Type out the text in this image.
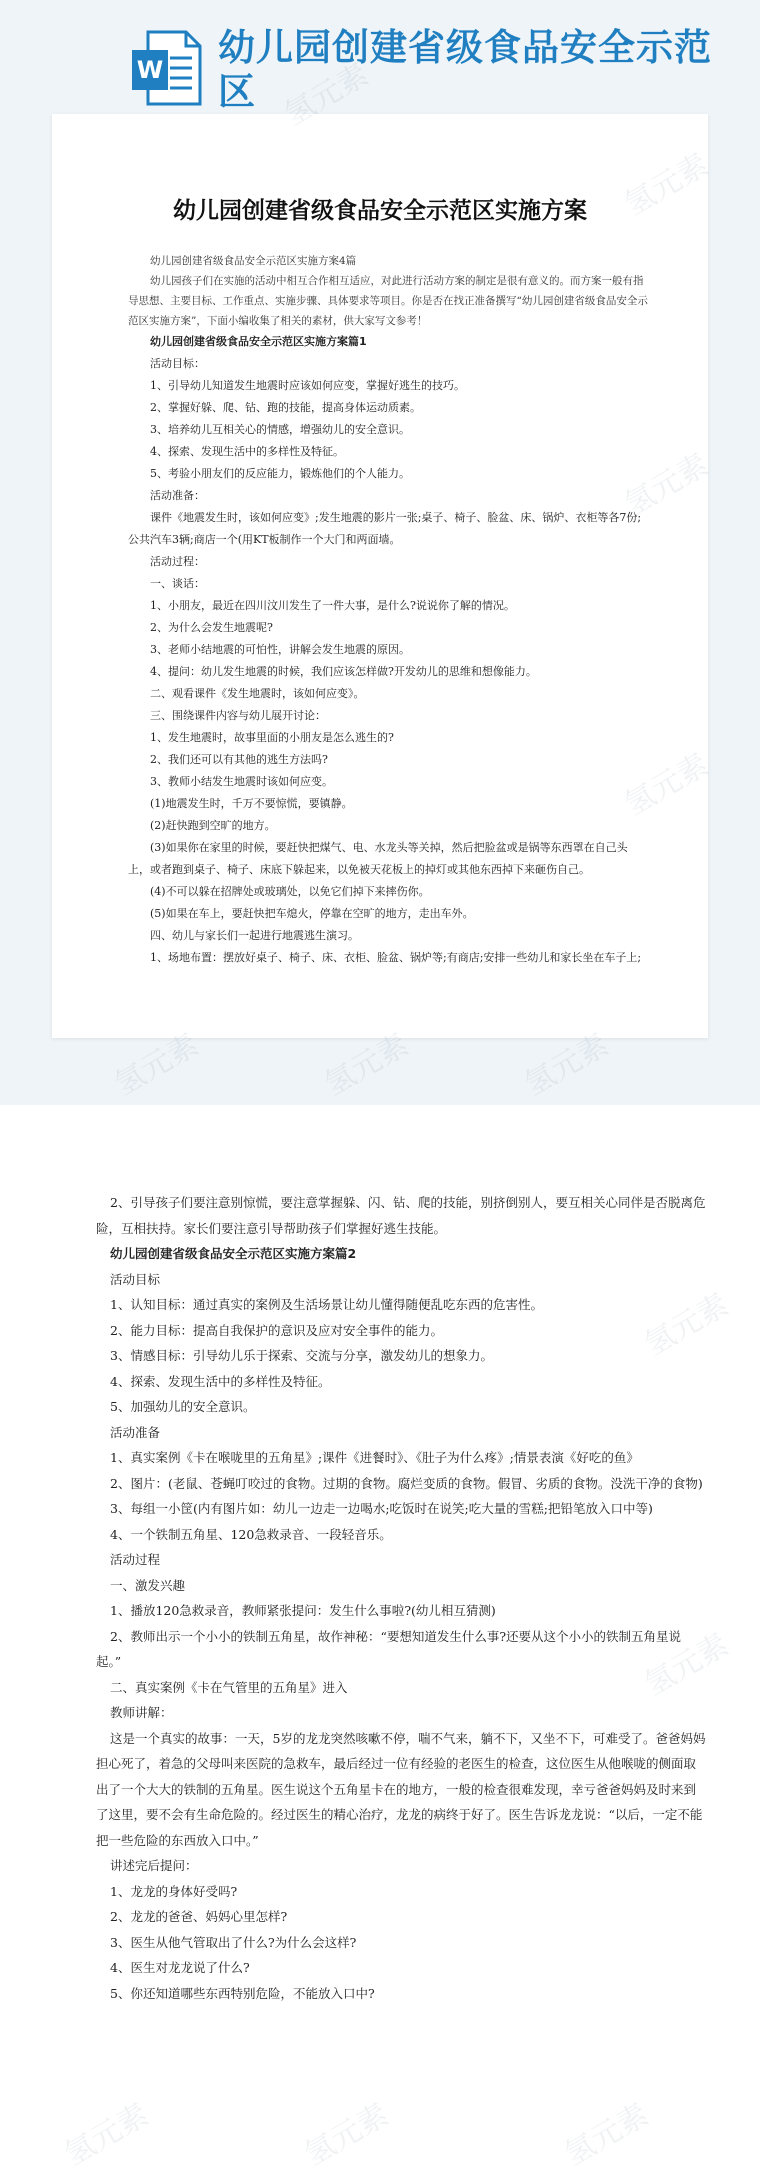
W
幼儿园创建省级食品安全示范区
幼儿园创建省级食品安全示范区实施方案

幼儿园创建省级食品安全示范区实施方案4篇

幼儿园孩子们在实施的活动中相互合作相互适应，对此进行活动方案的制定是很有意义的。而方案一般有指导思想、主要目标、工作重点、实施步骤、具体要求等项目。你是否在找正准备撰写“幼儿园创建省级食品安全示范区实施方案”，下面小编收集了相关的素材，供大家写文参考！

幼儿园创建省级食品安全示范区实施方案篇1

活动目标：

1、引导幼儿知道发生地震时应该如何应变，掌握好逃生的技巧。

2、掌握好躲、爬、钻、跑的技能，提高身体运动质素。

3、培养幼儿互相关心的情感，增强幼儿的安全意识。

4、探索、发现生活中的多样性及特征。

5、考验小朋友们的反应能力，锻炼他们的个人能力。

活动准备：

课件《地震发生时，该如何应变》;发生地震的影片一张;桌子、椅子、脸盆、床、锅炉、衣柜等各7份;公共汽车3辆;商店一个(用KT板制作一个大门和两面墙。

活动过程：

一、谈话：

1、小朋友，最近在四川汶川发生了一件大事，是什么?说说你了解的情况。

2、为什么会发生地震呢?

3、老师小结地震的可怕性，讲解会发生地震的原因。

4、提问：幼儿发生地震的时候，我们应该怎样做?开发幼儿的思维和想像能力。

二、观看课件《发生地震时，该如何应变》。

三、围绕课件内容与幼儿展开讨论：

1、发生地震时，故事里面的小朋友是怎么逃生的?

2、我们还可以有其他的逃生方法吗?

3、教师小结发生地震时该如何应变。

(1)地震发生时，千万不要惊慌，要镇静。

(2)赶快跑到空旷的地方。

(3)如果你在家里的时候，要赶快把煤气、电、水龙头等关掉，然后把脸盆或是锅等东西罩在自己头上，或者跑到桌子、椅子、床底下躲起来，以免被天花板上的掉灯或其他东西掉下来砸伤自己。

(4)不可以躲在招牌处或玻璃处，以免它们掉下来摔伤你。

(5)如果在车上，要赶快把车熄火，停靠在空旷的地方，走出车外。

四、幼儿与家长们一起进行地震逃生演习。

1、场地布置：摆放好桌子、椅子、床、衣柜、脸盆、锅炉等;有商店;安排一些幼儿和家长坐在车子上;

2、引导孩子们要注意别惊慌，要注意掌握躲、闪、钻、爬的技能，别挤倒别人，要互相关心同伴是否脱离危险，互相扶持。家长们要注意引导帮助孩子们掌握好逃生技能。

幼儿园创建省级食品安全示范区实施方案篇2

活动目标

1、认知目标：通过真实的案例及生活场景让幼儿懂得随便乱吃东西的危害性。

2、能力目标：提高自我保护的意识及应对安全事件的能力。

3、情感目标：引导幼儿乐于探索、交流与分享，激发幼儿的想象力。

4、探索、发现生活中的多样性及特征。

5、加强幼儿的安全意识。

活动准备

1、真实案例《卡在喉咙里的五角星》;课件《进餐时》、《肚子为什么疼》;情景表演《好吃的鱼》

2、图片：(老鼠、苍蝇叮咬过的食物。过期的食物。腐烂变质的食物。假冒、劣质的食物。没洗干净的食物)

3、每组一小筐(内有图片如：幼儿一边走一边喝水;吃饭时在说笑;吃大量的雪糕;把铅笔放入口中等)

4、一个铁制五角星、120急救录音、一段轻音乐。

活动过程

一、激发兴趣

1、播放120急救录音，教师紧张提问：发生什么事啦?(幼儿相互猜测)

2、教师出示一个小小的铁制五角星，故作神秘：“要想知道发生什么事?还要从这个小小的铁制五角星说起。”

二、真实案例《卡在气管里的五角星》进入

教师讲解：

这是一个真实的故事：一天，5岁的龙龙突然咳嗽不停，喘不气来，躺不下，又坐不下，可难受了。爸爸妈妈担心死了，着急的父母叫来医院的急救车，最后经过一位有经验的老医生的检查，这位医生从他喉咙的侧面取出了一个大大的铁制的五角星。医生说这个五角星卡在的地方，一般的检查很难发现，幸亏爸爸妈妈及时来到了这里，要不会有生命危险的。经过医生的精心治疗，龙龙的病终于好了。医生告诉龙龙说：“以后，一定不能把一些危险的东西放入口中。”

讲述完后提问：

1、龙龙的身体好受吗?

2、龙龙的爸爸、妈妈心里怎样?

3、医生从他气管取出了什么?为什么会这样?

4、医生对龙龙说了什么?

5、你还知道哪些东西特别危险，不能放入口中?

氢元素
氢元素
氢元素	氢元素	氢元素
